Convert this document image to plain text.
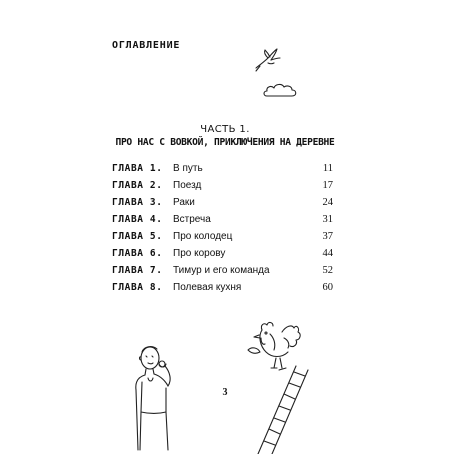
ОГЛАВЛЕНИЕ
ЧАСТЬ 1.
ПРО НАС С ВОВКОЙ, ПРИКЛЮЧЕНИЯ НА ДЕРЕВНЕ
ГЛАВА 1. В путь	11
ГЛАВА 2. Поезд	17
ГЛАВА 3. Раки	24
ГЛАВА 4. Встреча	31
ГЛАВА 5. Про колодец	37
ГЛАВА 6. Про корову	44
ГЛАВА 7. Тимур и его команда	52
ГЛАВА 8. Полевая кухня	60
3
